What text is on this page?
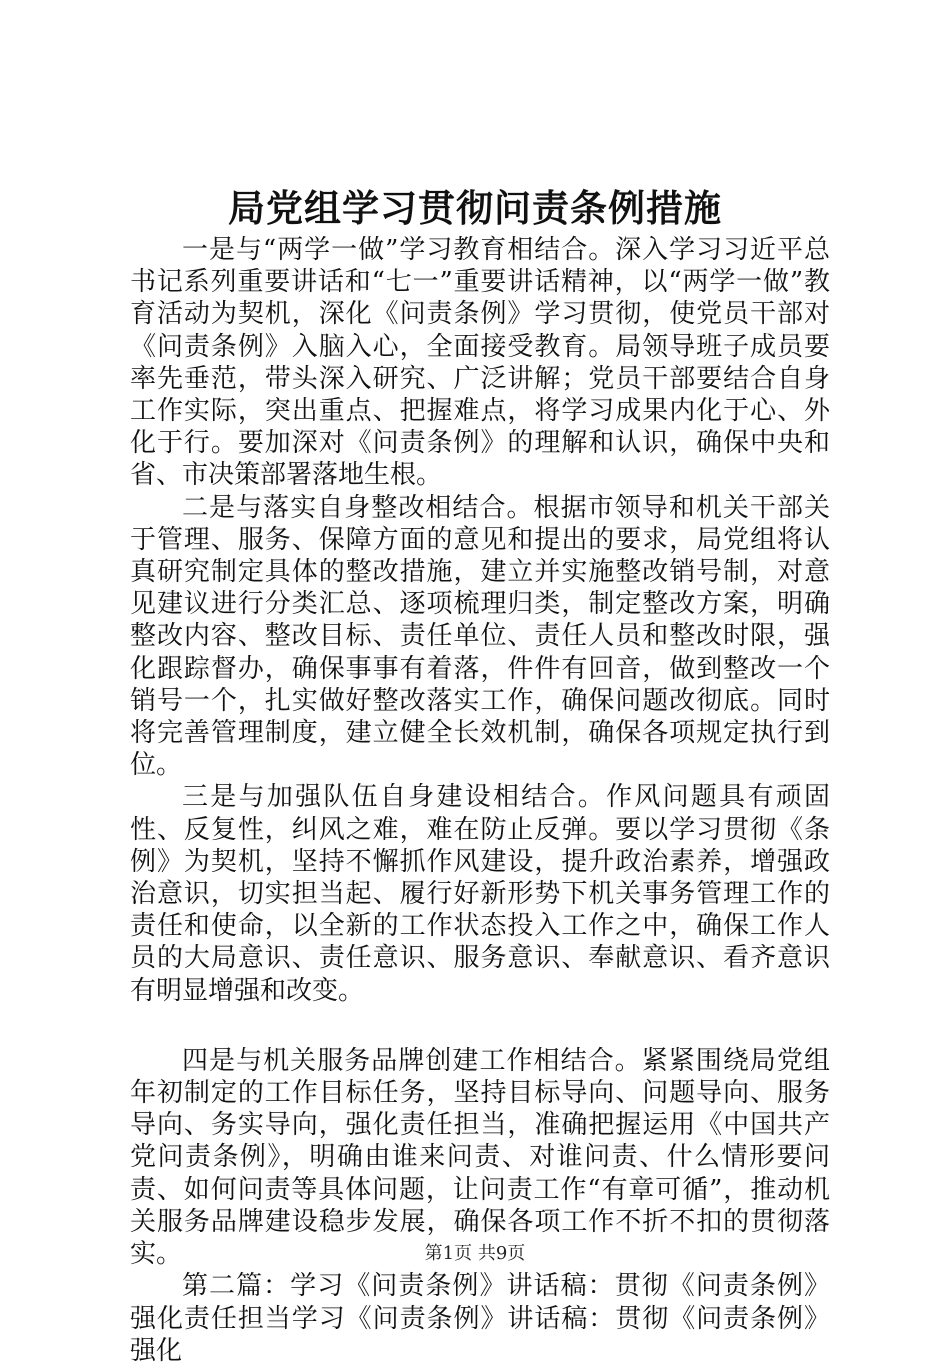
局党组学习贯彻问责条例措施

一是与“两学一做”学习教育相结合。深入学习习近平总书记系列重要讲话和“七一”重要讲话精神，以“两学一做”教育活动为契机，深化《问责条例》学习贯彻，使党员干部对《问责条例》入脑入心，全面接受教育。局领导班子成员要率先垂范，带头深入研究、广泛讲解；党员干部要结合自身工作实际，突出重点、把握难点，将学习成果内化于心、外化于行。要加深对《问责条例》的理解和认识，确保中央和省、市决策部署落地生根。

二是与落实自身整改相结合。根据市领导和机关干部关于管理、服务、保障方面的意见和提出的要求，局党组将认真研究制定具体的整改措施，建立并实施整改销号制，对意见建议进行分类汇总、逐项梳理归类，制定整改方案，明确整改内容、整改目标、责任单位、责任人员和整改时限，强化跟踪督办，确保事事有着落，件件有回音，做到整改一个销号一个，扎实做好整改落实工作，确保问题改彻底。同时将完善管理制度，建立健全长效机制，确保各项规定执行到位。

三是与加强队伍自身建设相结合。作风问题具有顽固性、反复性，纠风之难，难在防止反弹。要以学习贯彻《条例》为契机，坚持不懈抓作风建设，提升政治素养，增强政治意识，切实担当起、履行好新形势下机关事务管理工作的责任和使命，以全新的工作状态投入工作之中，确保工作人员的大局意识、责任意识、服务意识、奉献意识、看齐意识有明显增强和改变。

四是与机关服务品牌创建工作相结合。紧紧围绕局党组年初制定的工作目标任务，坚持目标导向、问题导向、服务导向、务实导向，强化责任担当，准确把握运用《中国共产党问责条例》，明确由谁来问责、对谁问责、什么情形要问责、如何问责等具体问题，让问责工作“有章可循”，推动机关服务品牌建设稳步发展，确保各项工作不折不扣的贯彻落实。

第二篇：学习《问责条例》讲话稿：贯彻《问责条例》强化责任担当学习《问责条例》讲话稿：贯彻《问责条例》强化

第1页 共9页
